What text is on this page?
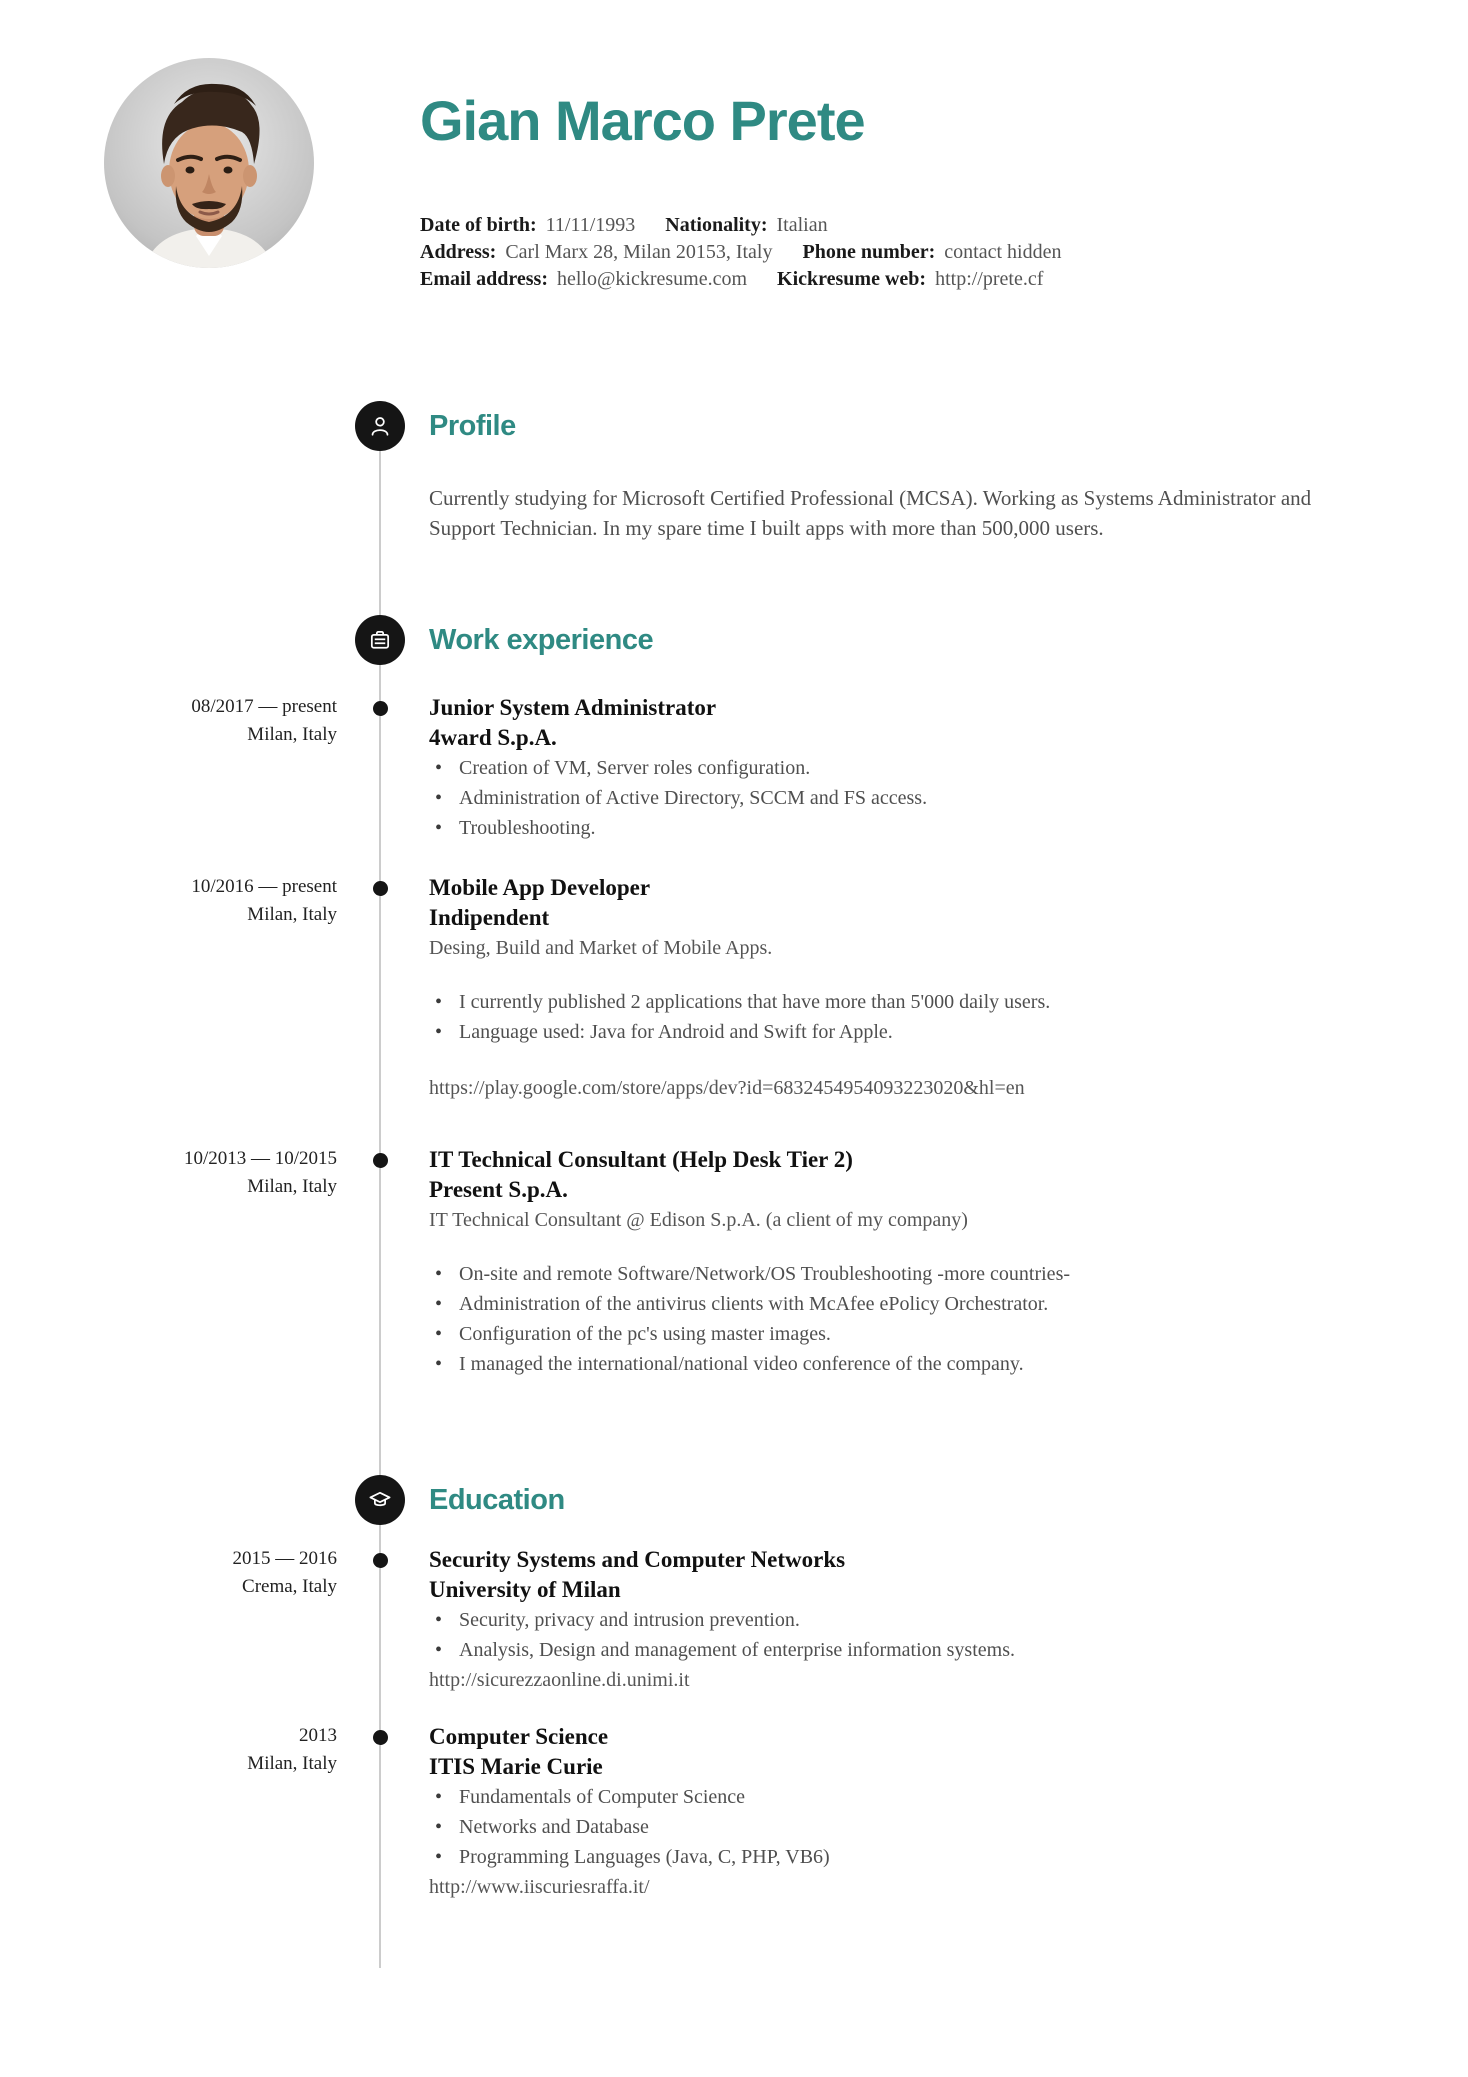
Gian Marco Prete
Date of birth: 11/11/1993 Nationality: Italian
Address: Carl Marx 28, Milan 20153, Italy Phone number: contact hidden
Email address: hello@kickresume.com Kickresume web: http://prete.cf
Profile

Currently studying for Microsoft Certified Professional (MCSA). Working as Systems Administrator and Support Technician. In my spare time I built apps with more than 500,000 users.

Work experience
08/2017 — present
Milan, Italy
Junior System Administrator
4ward S.p.A.
• Creation of VM, Server roles configuration.
• Administration of Active Directory, SCCM and FS access.
• Troubleshooting.
10/2016 — present
Milan, Italy
Mobile App Developer
Indipendent
Desing, Build and Market of Mobile Apps.
• I currently published 2 applications that have more than 5'000 daily users.
• Language used: Java for Android and Swift for Apple.
https://play.google.com/store/apps/dev?id=6832454954093223020&hl=en
10/2013 — 10/2015
Milan, Italy
IT Technical Consultant (Help Desk Tier 2)
Present S.p.A.
IT Technical Consultant @ Edison S.p.A. (a client of my company)
• On-site and remote Software/Network/OS Troubleshooting -more countries-
• Administration of the antivirus clients with McAfee ePolicy Orchestrator.
• Configuration of the pc's using master images.
• I managed the international/national video conference of the company.
Education
2015 — 2016
Crema, Italy
Security Systems and Computer Networks
University of Milan
• Security, privacy and intrusion prevention.
• Analysis, Design and management of enterprise information systems.
http://sicurezzaonline.di.unimi.it
2013
Milan, Italy
Computer Science
ITIS Marie Curie
• Fundamentals of Computer Science
• Networks and Database
• Programming Languages (Java, C, PHP, VB6)
http://www.iiscuriesraffa.it/
